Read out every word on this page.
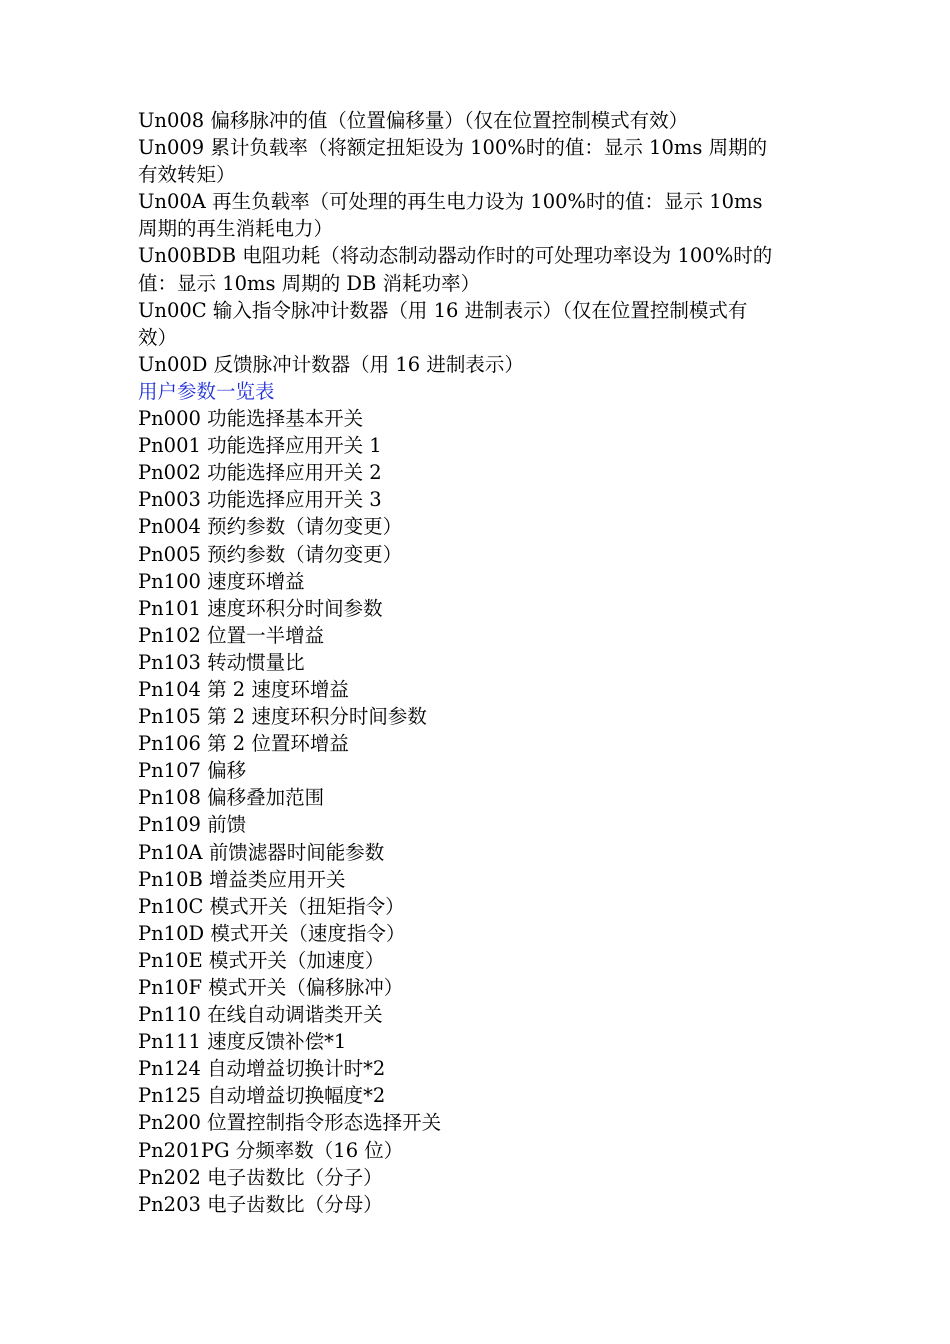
Un008 偏移脉冲的值（位置偏移量）（仅在位置控制模式有效）
Un009 累计负载率（将额定扭矩设为 100%时的值：显示 10ms 周期的
有效转矩）
Un00A 再生负载率（可处理的再生电力设为 100%时的值：显示 10ms
周期的再生消耗电力）
Un00BDB 电阻功耗（将动态制动器动作时的可处理功率设为 100%时的
值：显示 10ms 周期的 DB 消耗功率）
Un00C 输入指令脉冲计数器（用 16 进制表示）（仅在位置控制模式有
效）
Un00D 反馈脉冲计数器（用 16 进制表示）
用户参数一览表
Pn000 功能选择基本开关
Pn001 功能选择应用开关 1
Pn002 功能选择应用开关 2
Pn003 功能选择应用开关 3
Pn004 预约参数（请勿变更）
Pn005 预约参数（请勿变更）
Pn100 速度环增益
Pn101 速度环积分时间参数
Pn102 位置一半增益
Pn103 转动惯量比
Pn104 第 2 速度环增益
Pn105 第 2 速度环积分时间参数
Pn106 第 2 位置环增益
Pn107 偏移
Pn108 偏移叠加范围
Pn109 前馈
Pn10A 前馈滤器时间能参数
Pn10B 增益类应用开关
Pn10C 模式开关（扭矩指令）
Pn10D 模式开关（速度指令）
Pn10E 模式开关（加速度）
Pn10F 模式开关（偏移脉冲）
Pn110 在线自动调谐类开关
Pn111 速度反馈补偿*1
Pn124 自动增益切换计时*2
Pn125 自动增益切换幅度*2
Pn200 位置控制指令形态选择开关
Pn201PG 分频率数（16 位）
Pn202 电子齿数比（分子）
Pn203 电子齿数比（分母）
